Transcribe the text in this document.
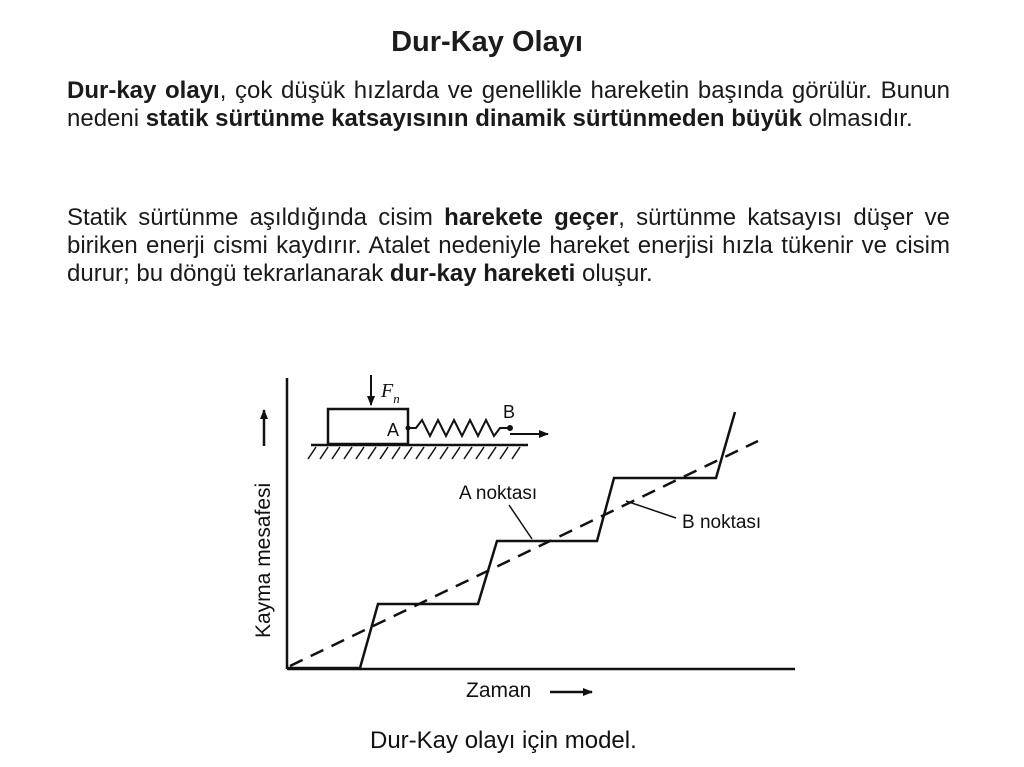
Dur-Kay Olayı

Dur-kay olayı, çok düşük hızlarda ve genellikle hareketin başında görülür. Bunun nedeni statik sürtünme katsayısının dinamik sürtünmeden büyük olmasıdır.

Statik sürtünme aşıldığında cisim harekete geçer, sürtünme katsayısı düşer ve biriken enerji cismi kaydırır. Atalet nedeniyle hareket enerjisi hızla tükenir ve cisim durur; bu döngü tekrarlanarak dur-kay hareketi oluşur.

Kayma mesafesi
Zaman
$F_n$
A
B
A noktası
B noktası
Dur-Kay olayı için model.
